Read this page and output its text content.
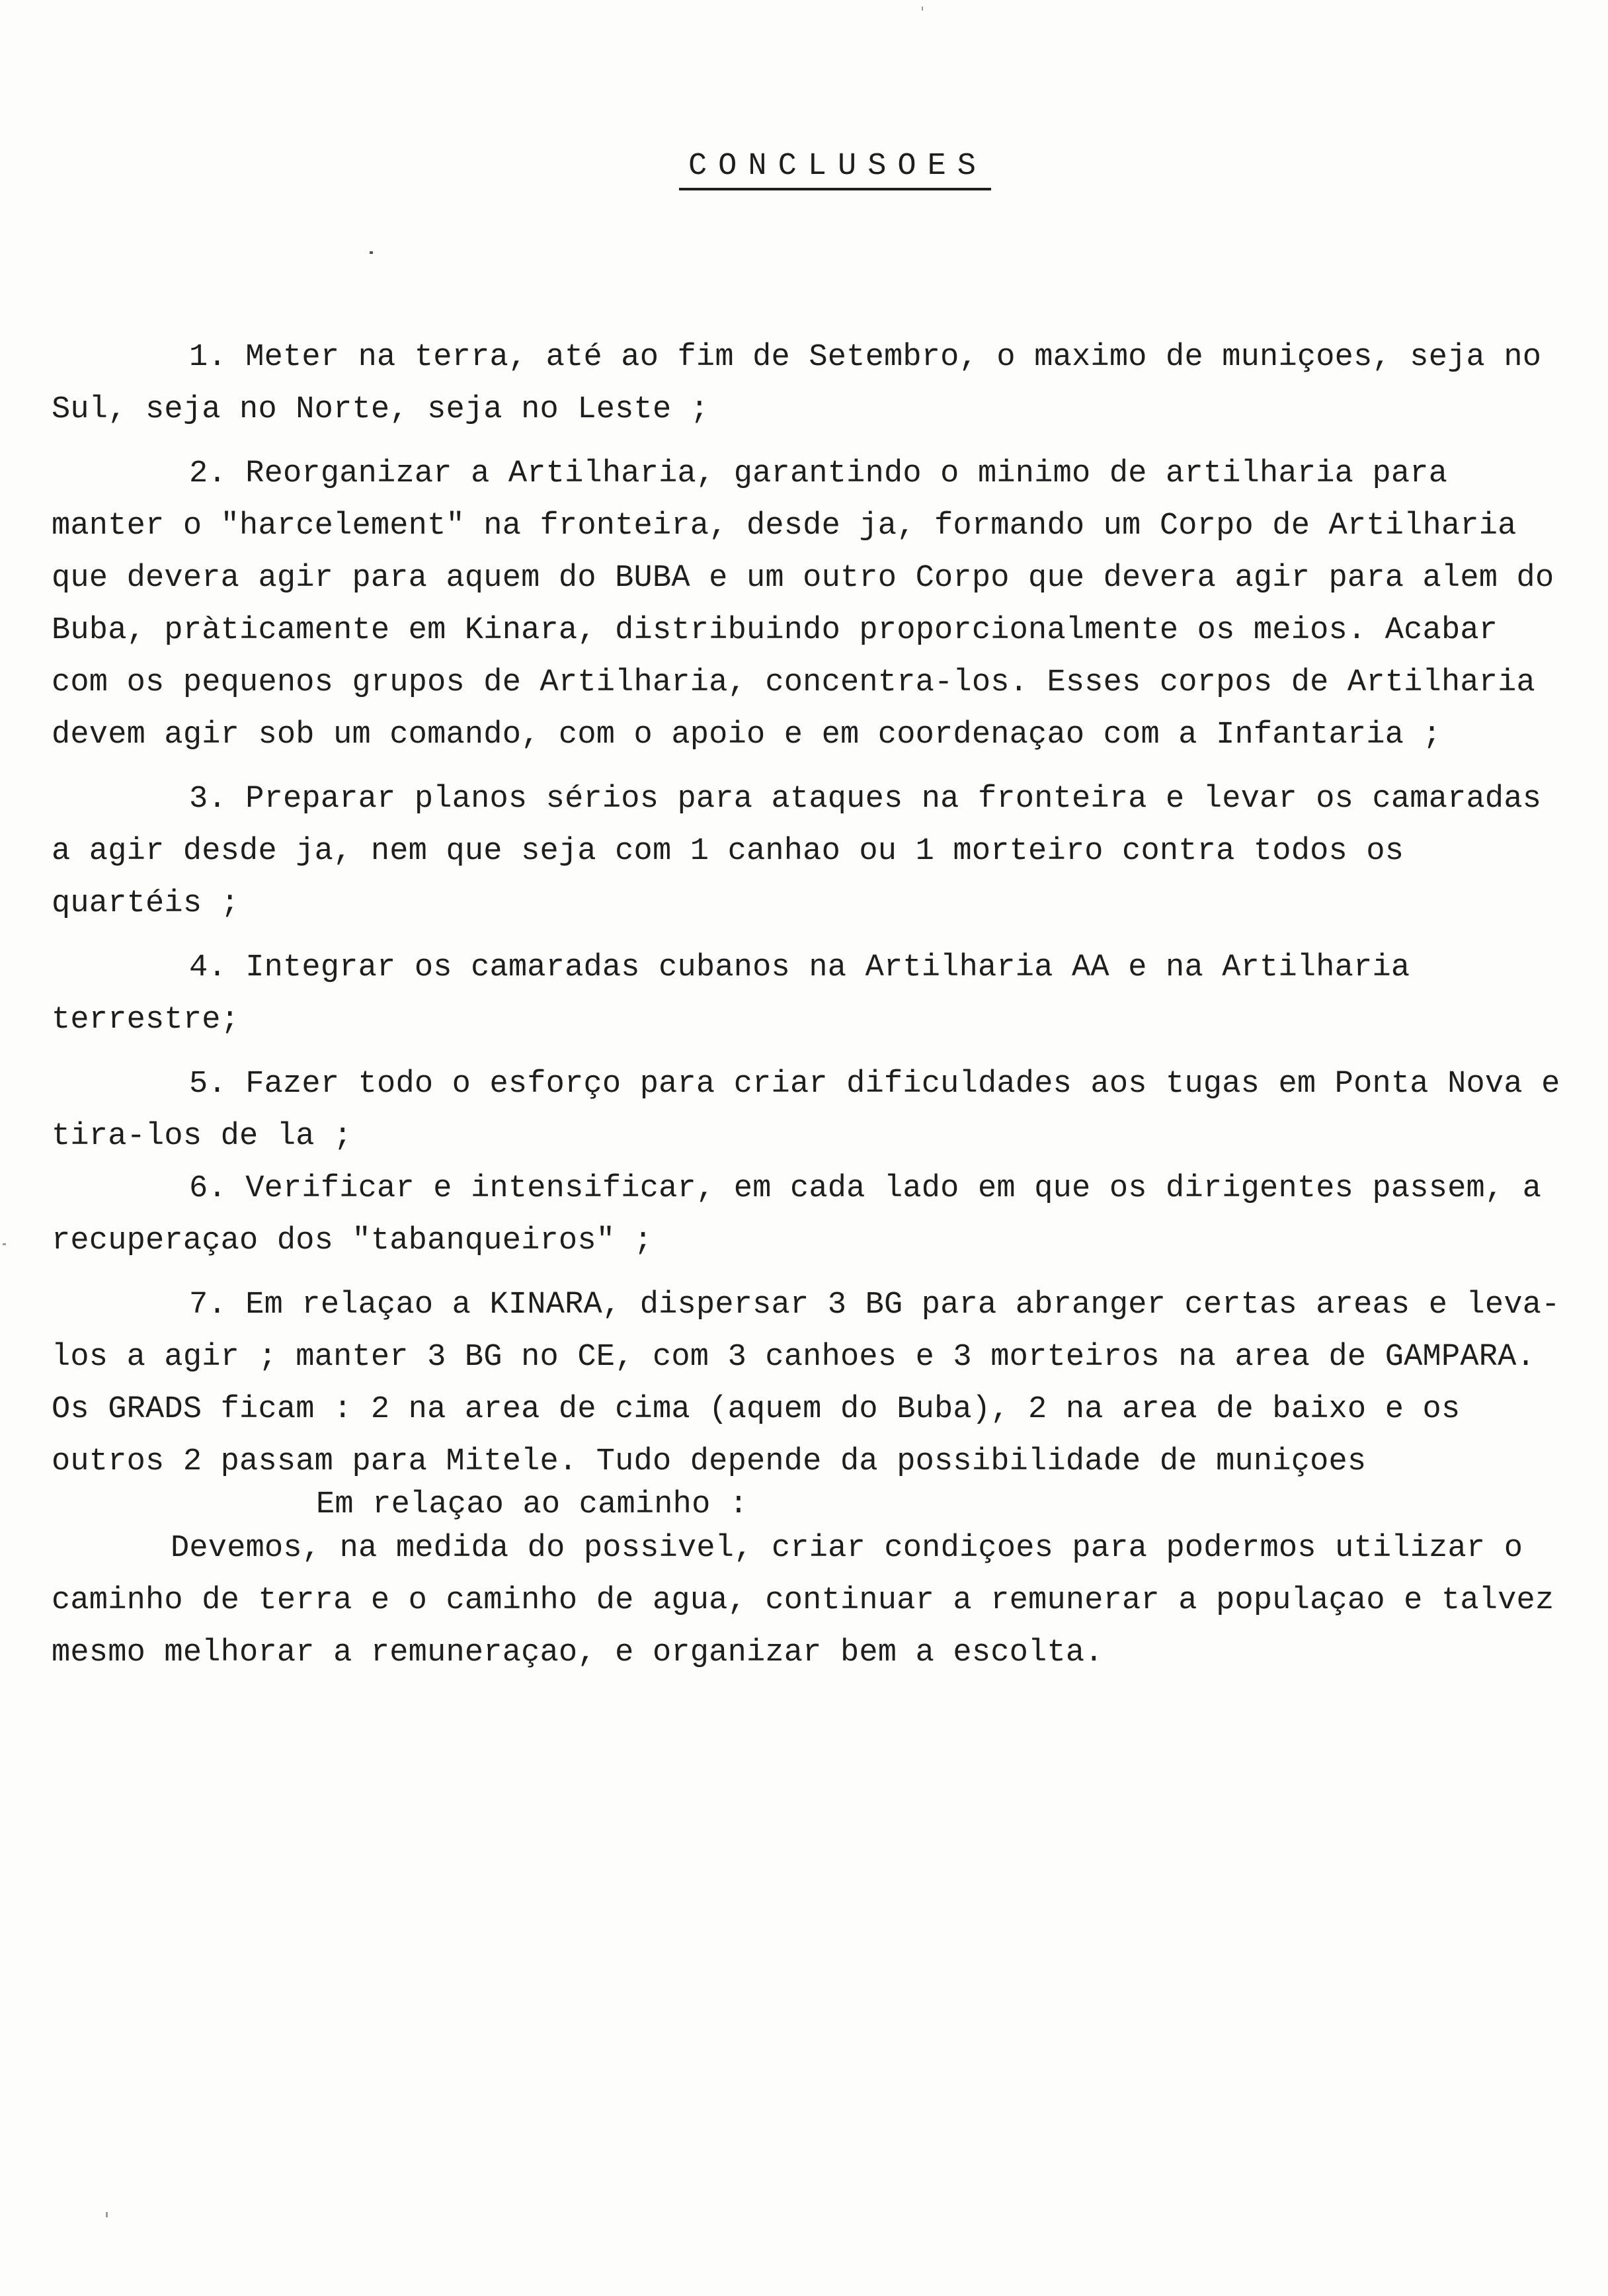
CONCLUSOES

1. Meter na terra, até ao fim de Setembro, o maximo de muniçoes, seja no Sul, seja no Norte, seja no Leste ;

2. Reorganizar a Artilharia, garantindo o minimo de artilharia para manter o "harcelement" na fronteira, desde ja, formando um Corpo de Artilharia que devera agir para aquem do BUBA e um outro Corpo que devera agir para alem do Buba, pràticamente em Kinara, distribuindo proporcionalmente os meios. Acabar com os pequenos grupos de Artilharia, concentra-los. Esses corpos de Artilharia devem agir sob um comando, com o apoio e em coordenaçao com a Infantaria ;

3. Preparar planos sérios para ataques na fronteira e levar os camaradas a agir desde ja, nem que seja com 1 canhao ou 1 morteiro contra todos os quartéis ;

4. Integrar os camaradas cubanos na Artilharia AA e na Artilharia terrestre;

5. Fazer todo o esforço para criar dificuldades aos tugas em Ponta Nova e tira-los de la ;

6. Verificar e intensificar, em cada lado em que os dirigentes passem, a recuperaçao dos "tabanqueiros" ;

7. Em relaçao a KINARA, dispersar 3 BG para abranger certas areas e leva-los a agir ; manter 3 BG no CE, com 3 canhoes e 3 morteiros na area de GAMPARA. Os GRADS ficam : 2 na area de cima (aquem do Buba), 2 na area de baixo e os outros 2 passam para Mitele. Tudo depende da possibilidade de muniçoes

Em relaçao ao caminho :

Devemos, na medida do possivel, criar condiçoes para podermos utilizar o caminho de terra e o caminho de agua, continuar a remunerar a populaçao e talvez mesmo melhorar a remuneraçao, e organizar bem a escolta.
